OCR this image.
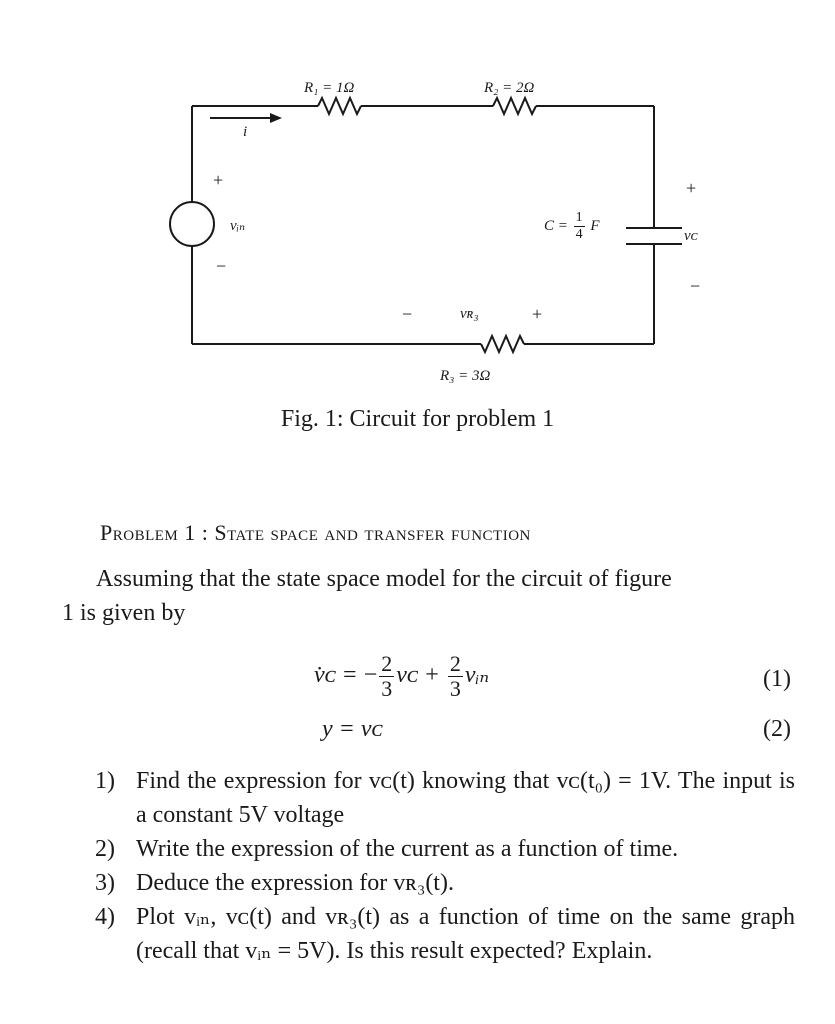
R₁ = 1Ω	R₂ = 2Ω
i
+
vᵢₙ
−
+
vᴄ
−
$C = \frac{1}{4}$ F
−	vʀ₃	+
R₃ = 3Ω
Fig. 1: Circuit for problem 1
Problem 1 : State space and transfer function
Assuming that the state space model for the circuit of figure
1 is given by
v̇ᴄ = − $\frac{2}{3}$ vᴄ + $\frac{2}{3}$ vᵢₙ	(1)
y = vᴄ	(2)
1) Find the expression for vᴄ(t) knowing that vᴄ(t₀) = 1V. The input is a constant 5V voltage
2) Write the expression of the current as a function of time.
3) Deduce the expression for vʀ₃(t).
4) Plot vᵢₙ, vᴄ(t) and vʀ₃(t) as a function of time on the same graph (recall that vᵢₙ = 5V). Is this result expected? Explain.
